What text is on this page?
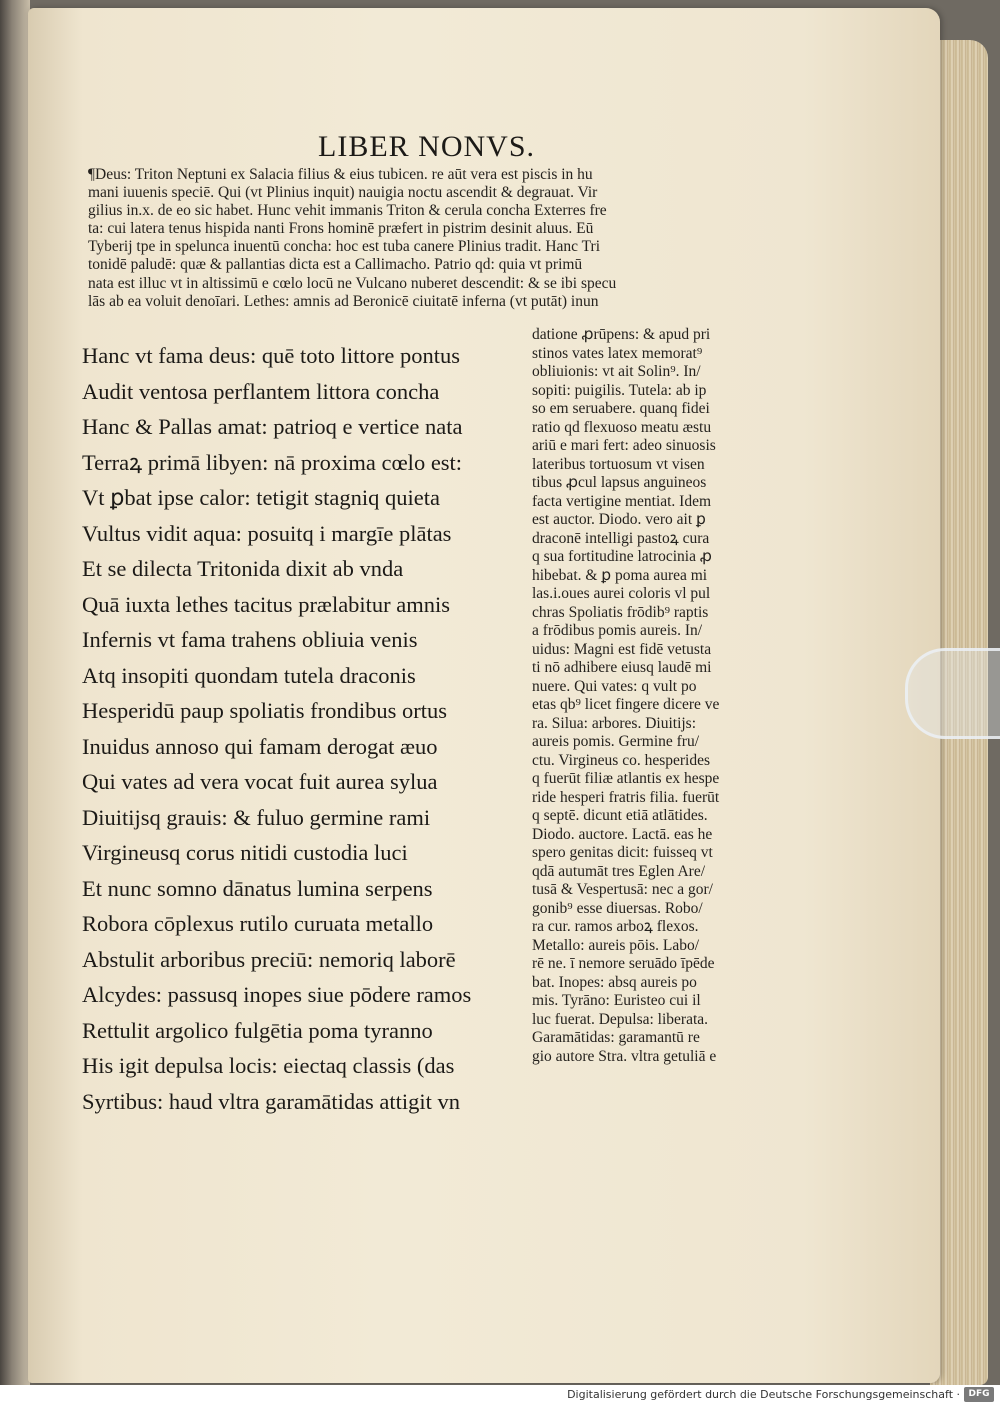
LIBER NONVS.
¶Deus: Triton Neptuni ex Salacia filius & eius tubicen. re aūt vera est piscis in hu
mani iuuenis speciē. Qui (vt Plinius inquit) nauigia noctu ascendit & degrauat. Vir
gilius in.x. de eo sic habet. Hunc vehit immanis Triton & cerula concha Exterres fre
ta: cui latera tenus hispida nanti Frons hominē præfert in pistrim desinit aluus. Eū
Tyberij tpe in spelunca inuentū concha: hoc est tuba canere Plinius tradit. Hanc Tri
tonidē paludē: quæ & pallantias dicta est a Callimacho. Patrio qd: quia vt primū
nata est illuc vt in altissimū e cœlo locū ne Vulcano nuberet descendit: & se ibi specu
lās ab ea voluit denoīari. Lethes: amnis ad Beronicē ciuitatē inferna (vt putāt) inun
Hanc vt fama deus: quē toto littore pontus
Audit ventosa perflantem littora concha
Hanc & Pallas amat: patrioq e vertice nata
Terraꝝ primā libyen: nā proxima cœlo est:
Vt ꝑbat ipse calor: tetigit stagniq quieta
Vultus vidit aqua: posuitq i margīe plātas
Et se dilecta Tritonida dixit ab vnda
Quā iuxta lethes tacitus prælabitur amnis
Infernis vt fama trahens obliuia venis
Atq insopiti quondam tutela draconis
Hesperidū paup spoliatis frondibus ortus
Inuidus annoso qui famam derogat æuo
Qui vates ad vera vocat fuit aurea sylua
Diuitijsq grauis: & fuluo germine rami
Virgineusq corus nitidi custodia luci
Et nunc somno dānatus lumina serpens
Robora cōplexus rutilo curuata metallo
Abstulit arboribus preciū: nemoriq laborē
Alcydes: passusq inopes siue pōdere ramos
Rettulit argolico fulgētia poma tyranno
His igit depulsa locis: eiectaq classis (das
Syrtibus: haud vltra garamātidas attigit vn
datione ꝓrūpens: & apud pri
stinos vates latex memorat⁹
obliuionis: vt ait Solin⁹. In/
sopiti: puigilis. Tutela: ab ip
so em seruabere. quanq fidei
ratio qd flexuoso meatu æstu
ariū e mari fert: adeo sinuosis
lateribus tortuosum vt visen
tibus ꝓcul lapsus anguineos
facta vertigine mentiat. Idem
est auctor. Diodo. vero ait ꝑ
draconē intelligi pastoꝝ cura
q sua fortitudine latrocinia ꝓ
hibebat. & ꝑ poma aurea mi
las.i.oues aurei coloris vl pul
chras Spoliatis frōdib⁹ raptis
a frōdibus pomis aureis. In/
uidus: Magni est fidē vetusta
ti nō adhibere eiusq laudē mi
nuere. Qui vates: q vult po
etas qb⁹ licet fingere dicere ve
ra. Silua: arbores. Diuitijs:
aureis pomis. Germine fru/
ctu. Virgineus co. hesperides
q fuerūt filiæ atlantis ex hespe
ride hesperi fratris filia. fuerūt
q septē. dicunt etiā atlātides.
Diodo. auctore. Lactā. eas he
spero genitas dicit: fuisseq vt
qdā autumāt tres Eglen Are/
tusā & Vespertusā: nec a gor/
gonib⁹ esse diuersas. Robo/
ra cur. ramos arboꝝ flexos.
Metallo: aureis pōis. Labo/
rē ne. ī nemore seruādo īpēde
bat. Inopes: absq aureis po
mis. Tyrāno: Euristeo cui il
luc fuerat. Depulsa: liberata.
Garamātidas: garamantū re
gio autore Stra. vltra getuliā e
Digitalisierung gefördert durch die Deutsche Forschungsgemeinschaft · DFG
